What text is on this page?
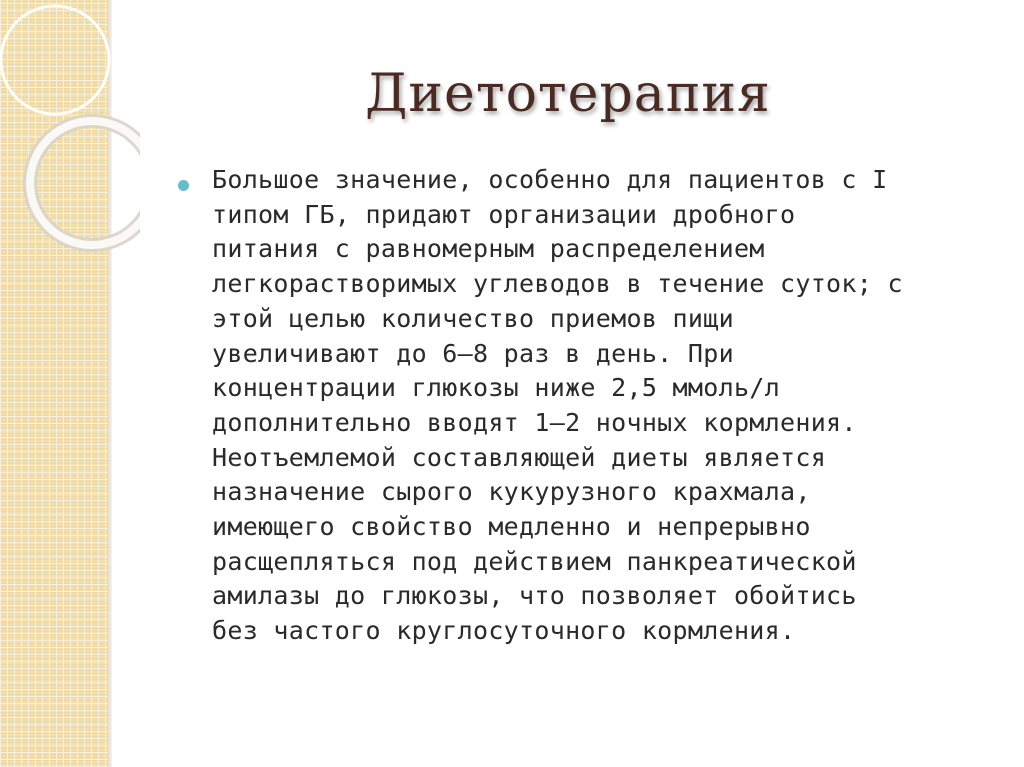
Диетотерапия
Большое значение, особенно для пациентов с I
типом ГБ, придают организации дробного
питания с равномерным распределением
легкорастворимых углеводов в течение суток; с
этой целью количество приемов пищи
увеличивают до 6–8 раз в день. При
концентрации глюкозы ниже 2,5 ммоль/л
дополнительно вводят 1–2 ночных кормления.
Неотъемлемой составляющей диеты является
назначение сырого кукурузного крахмала,
имеющего свойство медленно и непрерывно
расщепляться под действием панкреатической
амилазы до глюкозы, что позволяет обойтись
без частого круглосуточного кормления.
